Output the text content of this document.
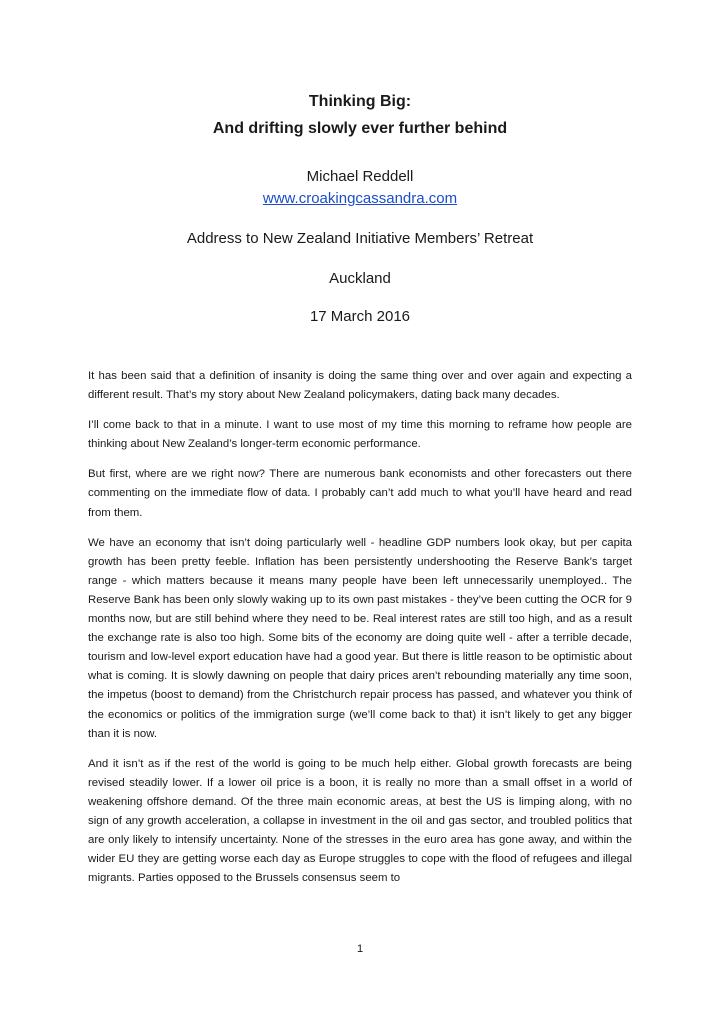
Thinking Big:

And drifting slowly ever further behind

Michael Reddell
www.croakingcassandra.com
Address to New Zealand Initiative Members’ Retreat
Auckland
17 March 2016

It has been said that a definition of insanity is doing the same thing over and over again and expecting a different result. That’s my story about New Zealand policymakers, dating back many decades.

I’ll come back to that in a minute. I want to use most of my time this morning to reframe how people are thinking about New Zealand’s longer-term economic performance.

But first, where are we right now? There are numerous bank economists and other forecasters out there commenting on the immediate flow of data. I probably can’t add much to what you’ll have heard and read from them.

We have an economy that isn’t doing particularly well - headline GDP numbers look okay, but per capita growth has been pretty feeble. Inflation has been persistently undershooting the Reserve Bank’s target range - which matters because it means many people have been left unnecessarily unemployed.. The Reserve Bank has been only slowly waking up to its own past mistakes - they’ve been cutting the OCR for 9 months now, but are still behind where they need to be. Real interest rates are still too high, and as a result the exchange rate is also too high. Some bits of the economy are doing quite well - after a terrible decade, tourism and low-level export education have had a good year. But there is little reason to be optimistic about what is coming. It is slowly dawning on people that dairy prices aren’t rebounding materially any time soon, the impetus (boost to demand) from the Christchurch repair process has passed, and whatever you think of the economics or politics of the immigration surge (we’ll come back to that) it isn’t likely to get any bigger than it is now.

And it isn’t as if the rest of the world is going to be much help either. Global growth forecasts are being revised steadily lower. If a lower oil price is a boon, it is really no more than a small offset in a world of weakening offshore demand. Of the three main economic areas, at best the US is limping along, with no sign of any growth acceleration, a collapse in investment in the oil and gas sector, and troubled politics that are only likely to intensify uncertainty. None of the stresses in the euro area has gone away, and within the wider EU they are getting worse each day as Europe struggles to cope with the flood of refugees and illegal migrants. Parties opposed to the Brussels consensus seem to

1
